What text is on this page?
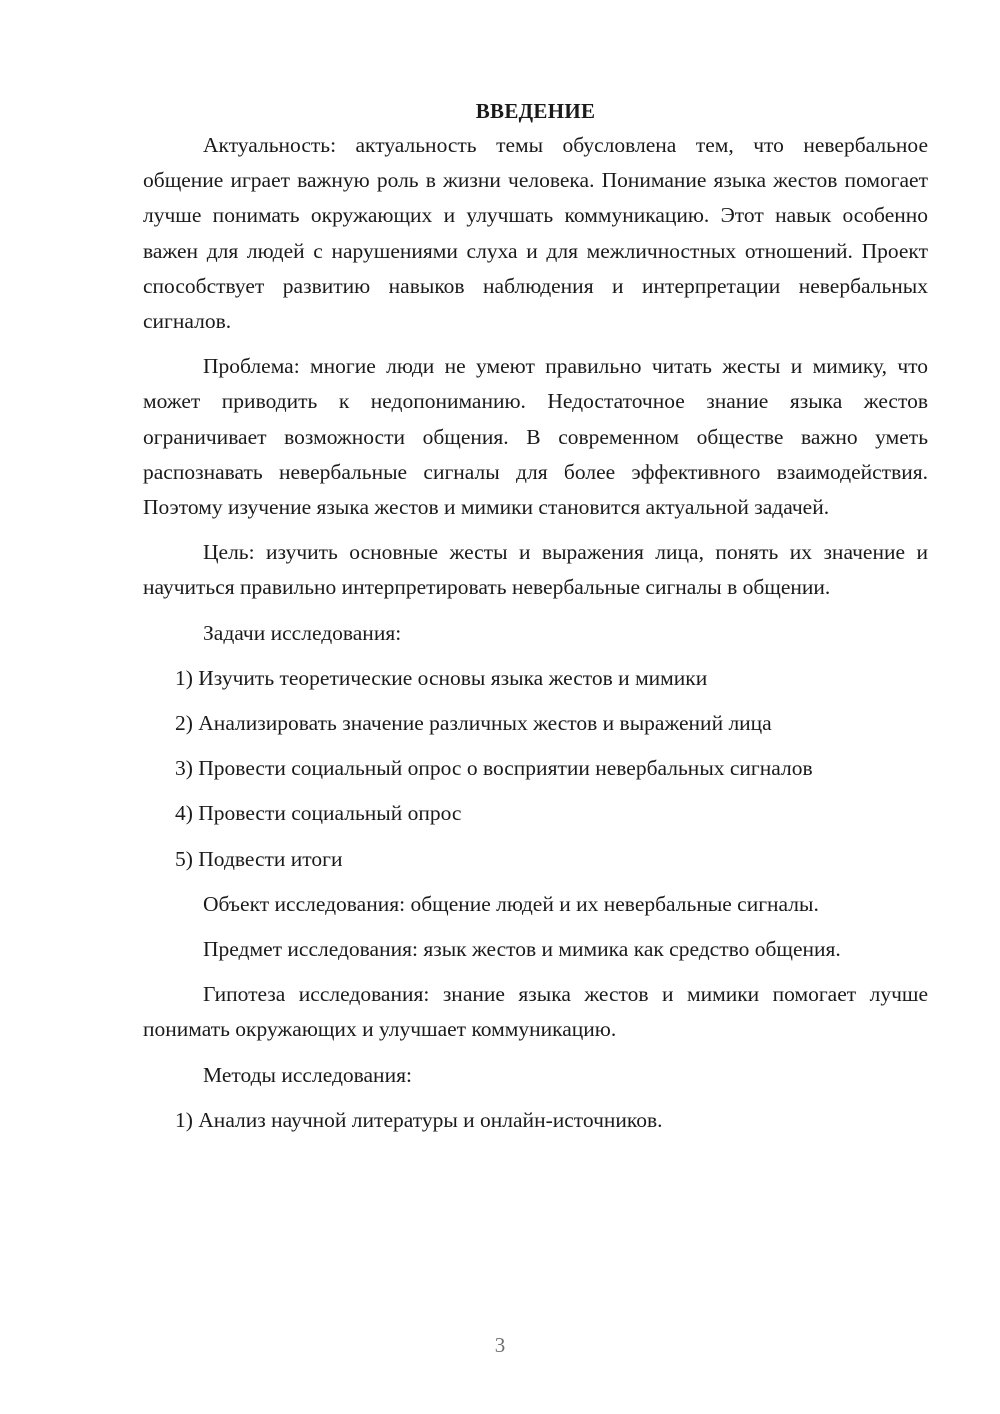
ВВЕДЕНИЕ

Актуальность: актуальность темы обусловлена тем, что невербальное общение играет важную роль в жизни человека. Понимание языка жестов помогает лучше понимать окружающих и улучшать коммуникацию. Этот навык особенно важен для людей с нарушениями слуха и для межличностных отношений. Проект способствует развитию навыков наблюдения и интерпретации невербальных сигналов.

Проблема: многие люди не умеют правильно читать жесты и мимику, что может приводить к недопониманию. Недостаточное знание языка жестов ограничивает возможности общения. В современном обществе важно уметь распознавать невербальные сигналы для более эффективного взаимодействия. Поэтому изучение языка жестов и мимики становится актуальной задачей.

Цель: изучить основные жесты и выражения лица, понять их значение и научиться правильно интерпретировать невербальные сигналы в общении.

Задачи исследования:
1) Изучить теоретические основы языка жестов и мимики
2) Анализировать значение различных жестов и выражений лица
3) Провести социальный опрос о восприятии невербальных сигналов
4) Провести социальный опрос
5) Подвести итоги

Объект исследования: общение людей и их невербальные сигналы.

Предмет исследования: язык жестов и мимика как средство общения.

Гипотеза исследования: знание языка жестов и мимики помогает лучше понимать окружающих и улучшает коммуникацию.

Методы исследования:
1) Анализ научной литературы и онлайн-источников.
3
